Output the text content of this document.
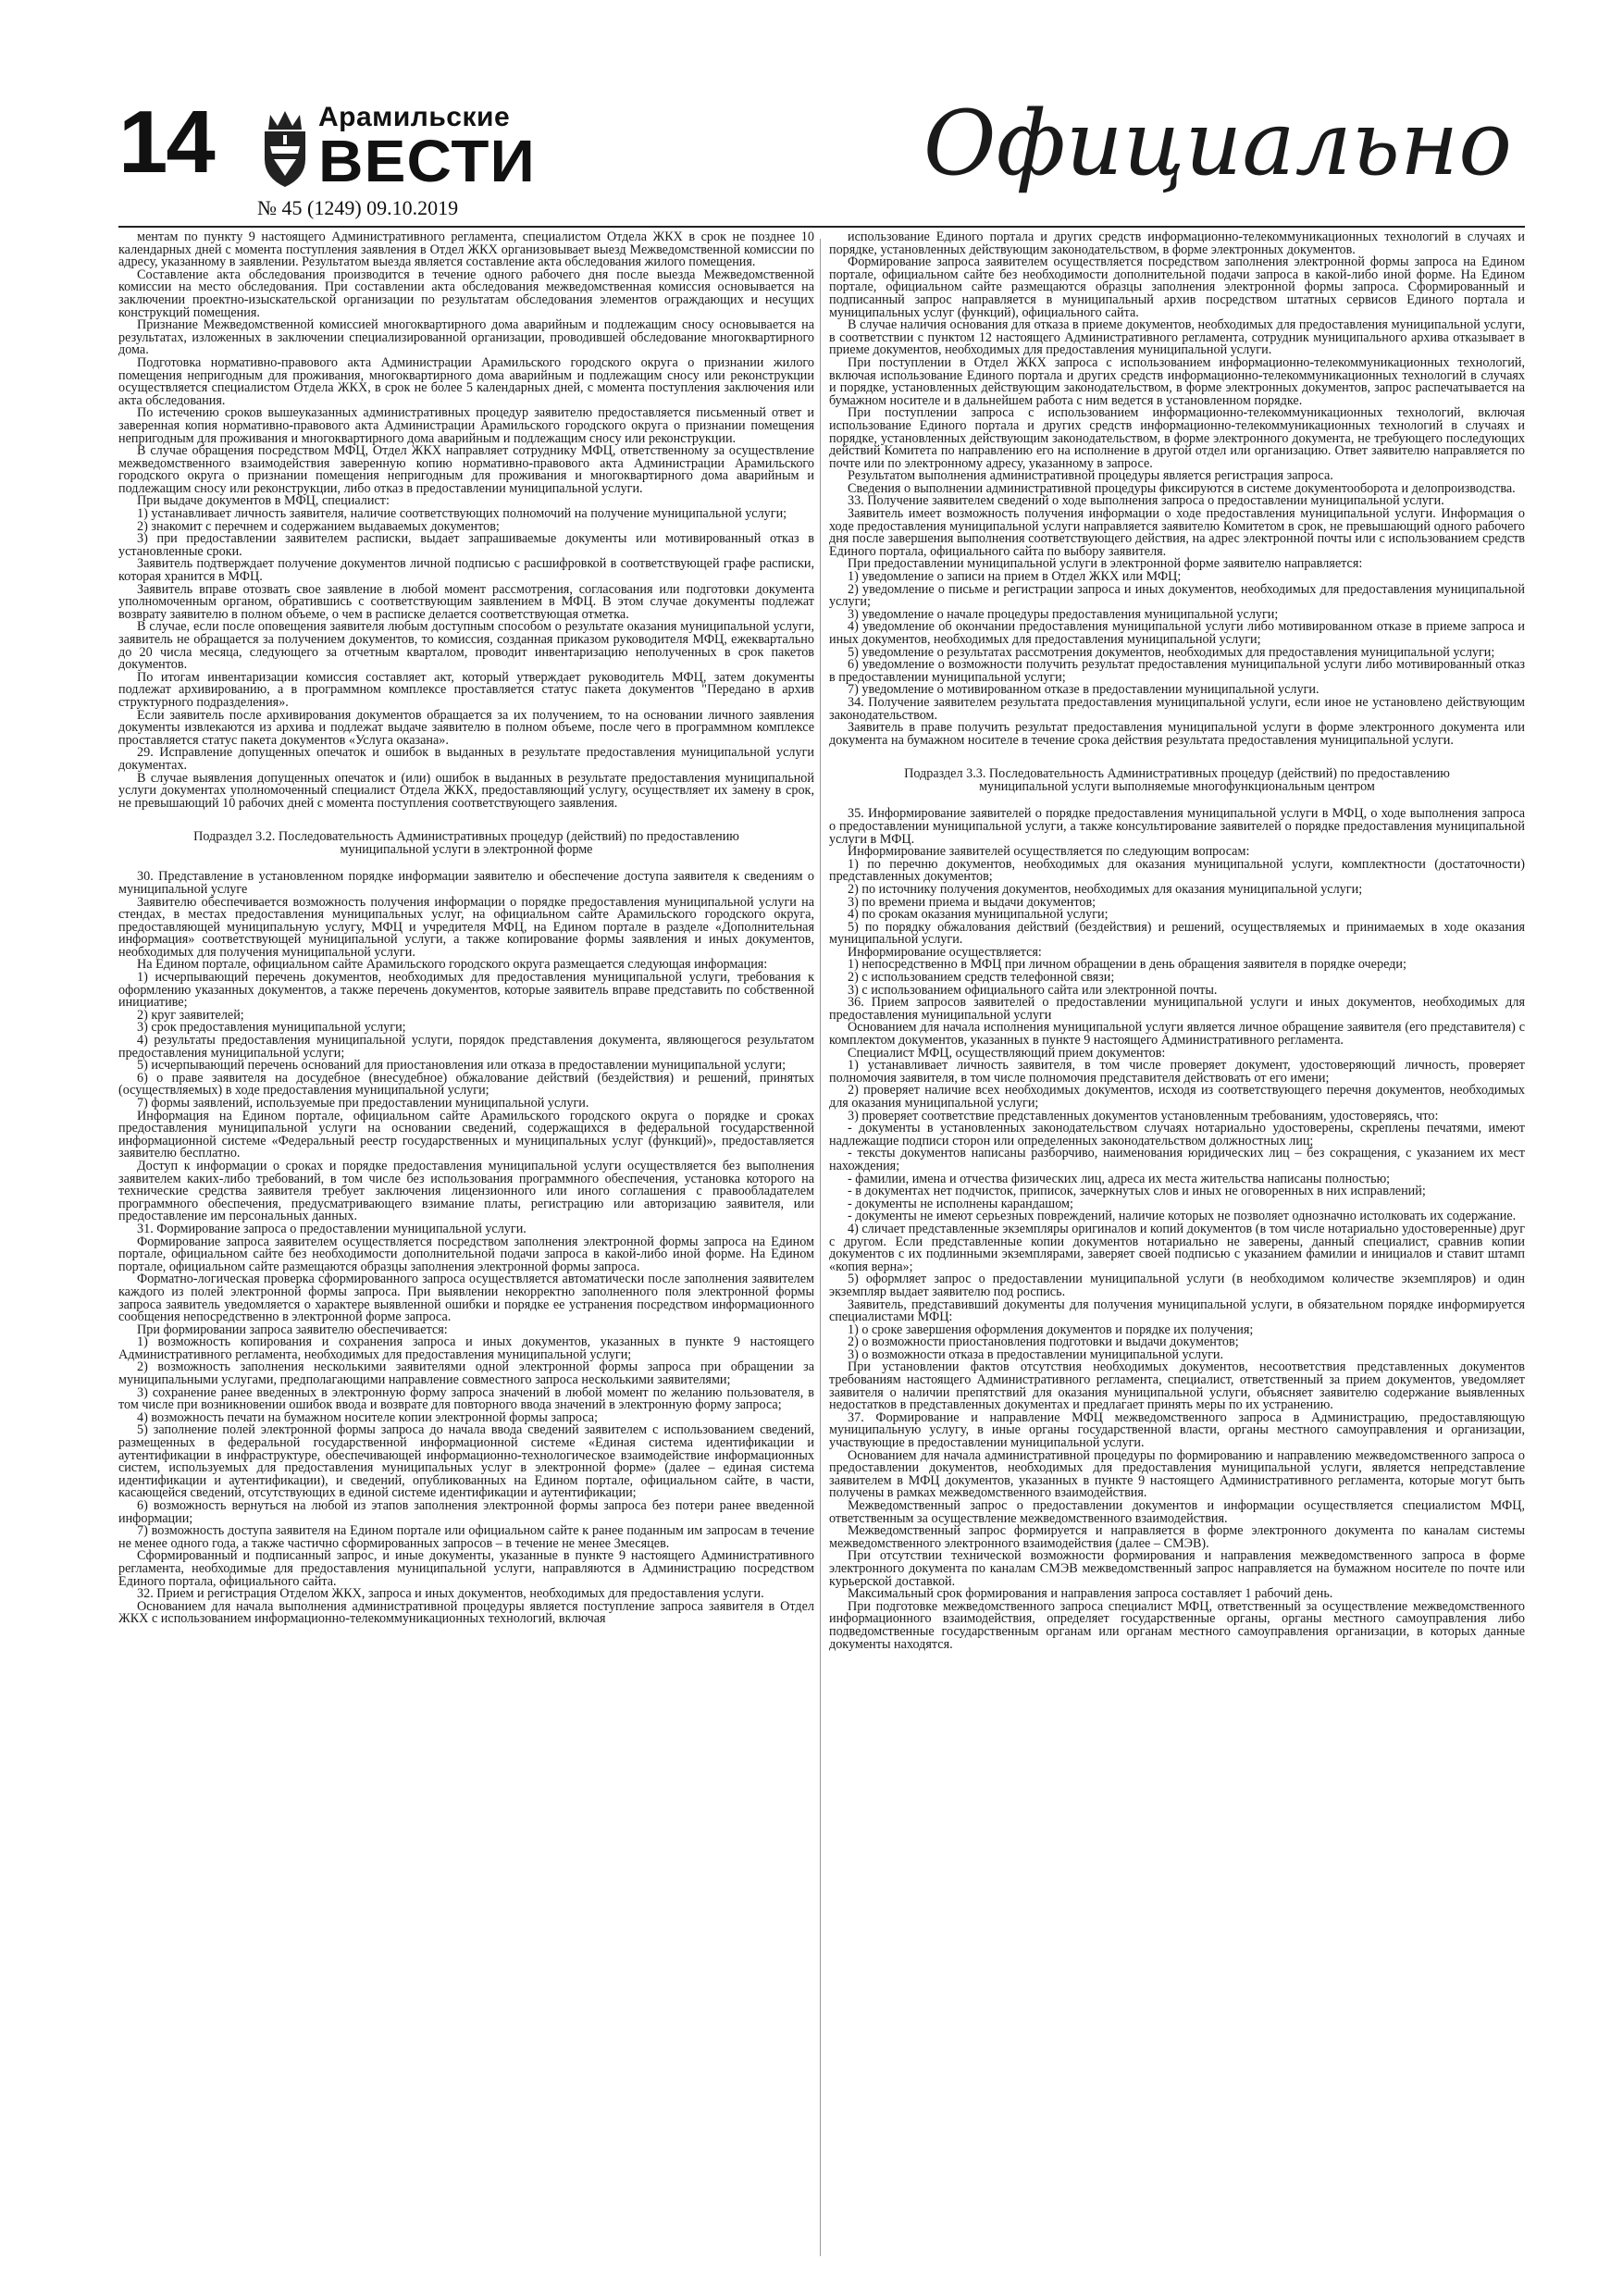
14	Арамильские
ВЕСТИ
№ 45 (1249) 09.10.2019
Официально

ментам по пункту 9 настоящего Административного регламента, специалистом Отдела ЖКХ в срок не позднее 10 календарных дней с момента поступления заявления в Отдел ЖКХ организовывает выезд Межведомственной комиссии по адресу, указанному в заявлении. Результатом выезда является составление акта обследования жилого помещения.

Составление акта обследования производится в течение одного рабочего дня после выезда Межведомственной комиссии на место обследования. При составлении акта обследования межведомственная комиссия основывается на заключении проектно-изыскательской организации по результатам обследования элементов ограждающих и несущих конструкций помещения.

Признание Межведомственной комиссией многоквартирного дома аварийным и подлежащим сносу основывается на результатах, изложенных в заключении специализированной организации, проводившей обследование многоквартирного дома.

Подготовка нормативно-правового акта Администрации Арамильского городского округа о признании жилого помещения непригодным для проживания, многоквартирного дома аварийным и подлежащим сносу или реконструкции осуществляется специалистом Отдела ЖКХ, в срок не более 5 календарных дней, с момента поступления заключения или акта обследования.

По истечению сроков вышеуказанных административных процедур заявителю предоставляется письменный ответ и заверенная копия нормативно-правового акта Администрации Арамильского городского округа о признании помещения непригодным для проживания и многоквартирного дома аварийным и подлежащим сносу или реконструкции.

В случае обращения посредством МФЦ, Отдел ЖКХ направляет сотруднику МФЦ, ответственному за осуществление межведомственного взаимодействия заверенную копию нормативно-правового акта Администрации Арамильского городского округа о признании помещения непригодным для проживания и многоквартирного дома аварийным и подлежащим сносу или реконструкции, либо отказ в предоставлении муниципальной услуги.

При выдаче документов в МФЦ, специалист:

1) устанавливает личность заявителя, наличие соответствующих полномочий на получение муниципальной услуги;

2) знакомит с перечнем и содержанием выдаваемых документов;

3) при предоставлении заявителем расписки, выдает запрашиваемые документы или мотивированный отказ в установленные сроки.

Заявитель подтверждает получение документов личной подписью с расшифровкой в соответствующей графе расписки, которая хранится в МФЦ.

Заявитель вправе отозвать свое заявление в любой момент рассмотрения, согласования или подготовки документа уполномоченным органом, обратившись с соответствующим заявлением в МФЦ. В этом случае документы подлежат возврату заявителю в полном объеме, о чем в расписке делается соответствующая отметка.

В случае, если после оповещения заявителя любым доступным способом о результате оказания муниципальной услуги, заявитель не обращается за получением документов, то комиссия, созданная приказом руководителя МФЦ, ежеквартально до 20 числа месяца, следующего за отчетным кварталом, проводит инвентаризацию неполученных в срок пакетов документов.

По итогам инвентаризации комиссия составляет акт, который утверждает руководитель МФЦ, затем документы подлежат архивированию, а в программном комплексе проставляется статус пакета документов "Передано в архив структурного подразделения».

Если заявитель после архивирования документов обращается за их получением, то на основании личного заявления документы извлекаются из архива и подлежат выдаче заявителю в полном объеме, после чего в программном комплексе проставляется статус пакета документов «Услуга оказана».

29. Исправление допущенных опечаток и ошибок в выданных в результате предоставления муниципальной услуги документах.

В случае выявления допущенных опечаток и (или) ошибок в выданных в результате предоставления муниципальной услуги документах уполномоченный специалист Отдела ЖКХ, предоставляющий услугу, осуществляет их замену в срок, не превышающий 10 рабочих дней с момента поступления соответствующего заявления.

Подраздел 3.2. Последовательность Административных процедур (действий) по предоставлению муниципальной услуги в электронной форме

30. Представление в установленном порядке информации заявителю и обеспечение доступа заявителя к сведениям о муниципальной услуге

Заявителю обеспечивается возможность получения информации о порядке предоставления муниципальной услуги на стендах, в местах предоставления муниципальных услуг, на официальном сайте Арамильского городского округа, предоставляющей муниципальную услугу, МФЦ и учредителя МФЦ, на Едином портале в разделе «Дополнительная информация» соответствующей муниципальной услуги, а также копирование формы заявления и иных документов, необходимых для получения муниципальной услуги.

На Едином портале, официальном сайте Арамильского городского округа размещается следующая информация:

1) исчерпывающий перечень документов, необходимых для предоставления муниципальной услуги, требования к оформлению указанных документов, а также перечень документов, которые заявитель вправе представить по собственной инициативе;

2) круг заявителей;

3) срок предоставления муниципальной услуги;

4) результаты предоставления муниципальной услуги, порядок представления документа, являющегося результатом предоставления муниципальной услуги;

5) исчерпывающий перечень оснований для приостановления или отказа в предоставлении муниципальной услуги;

6) о праве заявителя на досудебное (внесудебное) обжалование действий (бездействия) и решений, принятых (осуществляемых) в ходе предоставления муниципальной услуги;

7) формы заявлений, используемые при предоставлении муниципальной услуги.

Информация на Едином портале, официальном сайте Арамильского городского округа о порядке и сроках предоставления муниципальной услуги на основании сведений, содержащихся в федеральной государственной информационной системе «Федеральный реестр государственных и муниципальных услуг (функций)», предоставляется заявителю бесплатно.

Доступ к информации о сроках и порядке предоставления муниципальной услуги осуществляется без выполнения заявителем каких-либо требований, в том числе без использования программного обеспечения, установка которого на технические средства заявителя требует заключения лицензионного или иного соглашения с правообладателем программного обеспечения, предусматривающего взимание платы, регистрацию или авторизацию заявителя, или предоставление им персональных данных.

31. Формирование запроса о предоставлении муниципальной услуги.

Формирование запроса заявителем осуществляется посредством заполнения электронной формы запроса на Едином портале, официальном сайте без необходимости дополнительной подачи запроса в какой-либо иной форме. На Едином портале, официальном сайте размещаются образцы заполнения электронной формы запроса.

Форматно-логическая проверка сформированного запроса осуществляется автоматически после заполнения заявителем каждого из полей электронной формы запроса. При выявлении некорректно заполненного поля электронной формы запроса заявитель уведомляется о характере выявленной ошибки и порядке ее устранения посредством информационного сообщения непосредственно в электронной форме запроса.

При формировании запроса заявителю обеспечивается:

1) возможность копирования и сохранения запроса и иных документов, указанных в пункте 9 настоящего Административного регламента, необходимых для предоставления муниципальной услуги;

2) возможность заполнения несколькими заявителями одной электронной формы запроса при обращении за муниципальными услугами, предполагающими направление совместного запроса несколькими заявителями;

3) сохранение ранее введенных в электронную форму запроса значений в любой момент по желанию пользователя, в том числе при возникновении ошибок ввода и возврате для повторного ввода значений в электронную форму запроса;

4) возможность печати на бумажном носителе копии электронной формы запроса;

5) заполнение полей электронной формы запроса до начала ввода сведений заявителем с использованием сведений, размещенных в федеральной государственной информационной системе «Единая система идентификации и аутентификации в инфраструктуре, обеспечивающей информационно-технологическое взаимодействие информационных систем, используемых для предоставления муниципальных услуг в электронной форме» (далее – единая система идентификации и аутентификации), и сведений, опубликованных на Едином портале, официальном сайте, в части, касающейся сведений, отсутствующих в единой системе идентификации и аутентификации;

6) возможность вернуться на любой из этапов заполнения электронной формы запроса без потери ранее введенной информации;

7) возможность доступа заявителя на Едином портале или официальном сайте к ранее поданным им запросам в течение не менее одного года, а также частично сформированных запросов – в течение не менее 3месяцев.

Сформированный и подписанный запрос, и иные документы, указанные в пункте 9 настоящего Административного регламента, необходимые для предоставления муниципальной услуги, направляются в Администрацию посредством Единого портала, официального сайта.

32. Прием и регистрация Отделом ЖКХ, запроса и иных документов, необходимых для предоставления услуги.

Основанием для начала выполнения административной процедуры является поступление запроса заявителя в Отдел ЖКХ с использованием информационно-телекоммуникационных технологий, включая

использование Единого портала и других средств информационно-телекоммуникационных технологий в случаях и порядке, установленных действующим законодательством, в форме электронных документов.

Формирование запроса заявителем осуществляется посредством заполнения электронной формы запроса на Едином портале, официальном сайте без необходимости дополнительной подачи запроса в какой-либо иной форме. На Едином портале, официальном сайте размещаются образцы заполнения электронной формы запроса. Сформированный и подписанный запрос направляется в муниципальный архив посредством штатных сервисов Единого портала и муниципальных услуг (функций), официального сайта.

В случае наличия основания для отказа в приеме документов, необходимых для предоставления муниципальной услуги, в соответствии с пунктом 12 настоящего Административного регламента, сотрудник муниципального архива отказывает в приеме документов, необходимых для предоставления муниципальной услуги.

При поступлении в Отдел ЖКХ запроса с использованием информационно-телекоммуникационных технологий, включая использование Единого портала и других средств информационно-телекоммуникационных технологий в случаях и порядке, установленных действующим законодательством, в форме электронных документов, запрос распечатывается на бумажном носителе и в дальнейшем работа с ним ведется в установленном порядке.

При поступлении запроса с использованием информационно-телекоммуникационных технологий, включая использование Единого портала и других средств информационно-телекоммуникационных технологий в случаях и порядке, установленных действующим законодательством, в форме электронного документа, не требующего последующих действий Комитета по направлению его на исполнение в другой отдел или организацию. Ответ заявителю направляется по почте или по электронному адресу, указанному в запросе.

Результатом выполнения административной процедуры является регистрация запроса.

Сведения о выполнении административной процедуры фиксируются в системе документооборота и делопроизводства.

33. Получение заявителем сведений о ходе выполнения запроса о предоставлении муниципальной услуги.

Заявитель имеет возможность получения информации о ходе предоставления муниципальной услуги. Информация о ходе предоставления муниципальной услуги направляется заявителю Комитетом в срок, не превышающий одного рабочего дня после завершения выполнения соответствующего действия, на адрес электронной почты или с использованием средств Единого портала, официального сайта по выбору заявителя.

При предоставлении муниципальной услуги в электронной форме заявителю направляется:

1) уведомление о записи на прием в Отдел ЖКХ или МФЦ;

2) уведомление о письме и регистрации запроса и иных документов, необходимых для предоставления муниципальной услуги;

3) уведомление о начале процедуры предоставления муниципальной услуги;

4) уведомление об окончании предоставления муниципальной услуги либо мотивированном отказе в приеме запроса и иных документов, необходимых для предоставления муниципальной услуги;

5) уведомление о результатах рассмотрения документов, необходимых для предоставления муниципальной услуги;

6) уведомление о возможности получить результат предоставления муниципальной услуги либо мотивированный отказ в предоставлении муниципальной услуги;

7) уведомление о мотивированном отказе в предоставлении муниципальной услуги.

34. Получение заявителем результата предоставления муниципальной услуги, если иное не установлено действующим законодательством.

Заявитель в праве получить результат предоставления муниципальной услуги в форме электронного документа или документа на бумажном носителе в течение срока действия результата предоставления муниципальной услуги.

Подраздел 3.3. Последовательность Административных процедур (действий) по предоставлению муниципальной услуги выполняемые многофункциональным центром

35. Информирование заявителей о порядке предоставления муниципальной услуги в МФЦ, о ходе выполнения запроса о предоставлении муниципальной услуги, а также консультирование заявителей о порядке предоставления муниципальной услуги в МФЦ.

Информирование заявителей осуществляется по следующим вопросам:

1) по перечню документов, необходимых для оказания муниципальной услуги, комплектности (достаточности) представленных документов;

2) по источнику получения документов, необходимых для оказания муниципальной услуги;

3) по времени приема и выдачи документов;

4) по срокам оказания муниципальной услуги;

5) по порядку обжалования действий (бездействия) и решений, осуществляемых и принимаемых в ходе оказания муниципальной услуги.

Информирование осуществляется:

1) непосредственно в МФЦ при личном обращении в день обращения заявителя в порядке очереди;

2) с использованием средств телефонной связи;

3) с использованием официального сайта или электронной почты.

36. Прием запросов заявителей о предоставлении муниципальной услуги и иных документов, необходимых для предоставления муниципальной услуги

Основанием для начала исполнения муниципальной услуги является личное обращение заявителя (его представителя) с комплектом документов, указанных в пункте 9 настоящего Административного регламента.

Специалист МФЦ, осуществляющий прием документов:

1) устанавливает личность заявителя, в том числе проверяет документ, удостоверяющий личность, проверяет полномочия заявителя, в том числе полномочия представителя действовать от его имени;

2) проверяет наличие всех необходимых документов, исходя из соответствующего перечня документов, необходимых для оказания муниципальной услуги;

3) проверяет соответствие представленных документов установленным требованиям, удостоверяясь, что:

- документы в установленных законодательством случаях нотариально удостоверены, скреплены печатями, имеют надлежащие подписи сторон или определенных законодательством должностных лиц;

- тексты документов написаны разборчиво, наименования юридических лиц – без сокращения, с указанием их мест нахождения;

- фамилии, имена и отчества физических лиц, адреса их места жительства написаны полностью;

- в документах нет подчисток, приписок, зачеркнутых слов и иных не оговоренных в них исправлений;

- документы не исполнены карандашом;

- документы не имеют серьезных повреждений, наличие которых не позволяет однозначно истолковать их содержание.

4) сличает представленные экземпляры оригиналов и копий документов (в том числе нотариально удостоверенные) друг с другом. Если представленные копии документов нотариально не заверены, данный специалист, сравнив копии документов с их подлинными экземплярами, заверяет своей подписью с указанием фамилии и инициалов и ставит штамп «копия верна»;

5) оформляет запрос о предоставлении муниципальной услуги (в необходимом количестве экземпляров) и один экземпляр выдает заявителю под роспись.

Заявитель, представивший документы для получения муниципальной услуги, в обязательном порядке информируется специалистами МФЦ:

1) о сроке завершения оформления документов и порядке их получения;

2) о возможности приостановления подготовки и выдачи документов;

3) о возможности отказа в предоставлении муниципальной услуги.

При установлении фактов отсутствия необходимых документов, несоответствия представленных документов требованиям настоящего Административного регламента, специалист, ответственный за прием документов, уведомляет заявителя о наличии препятствий для оказания муниципальной услуги, объясняет заявителю содержание выявленных недостатков в представленных документах и предлагает принять меры по их устранению.

37. Формирование и направление МФЦ межведомственного запроса в Администрацию, предоставляющую муниципальную услугу, в иные органы государственной власти, органы местного самоуправления и организации, участвующие в предоставлении муниципальной услуги.

Основанием для начала административной процедуры по формированию и направлению межведомственного запроса о предоставлении документов, необходимых для предоставления муниципальной услуги, является непредставление заявителем в МФЦ документов, указанных в пункте 9 настоящего Административного регламента, которые могут быть получены в рамках межведомственного взаимодействия.

Межведомственный запрос о предоставлении документов и информации осуществляется специалистом МФЦ, ответственным за осуществление межведомственного взаимодействия.

Межведомственный запрос формируется и направляется в форме электронного документа по каналам системы межведомственного электронного взаимодействия (далее – СМЭВ).

При отсутствии технической возможности формирования и направления межведомственного запроса в форме электронного документа по каналам СМЭВ межведомственный запрос направляется на бумажном носителе по почте или курьерской доставкой.

Максимальный срок формирования и направления запроса составляет 1 рабочий день.

При подготовке межведомственного запроса специалист МФЦ, ответственный за осуществление межведомственного информационного взаимодействия, определяет государственные органы, органы местного самоуправления либо подведомственные государственным органам или органам местного самоуправления организации, в которых данные документы находятся.
